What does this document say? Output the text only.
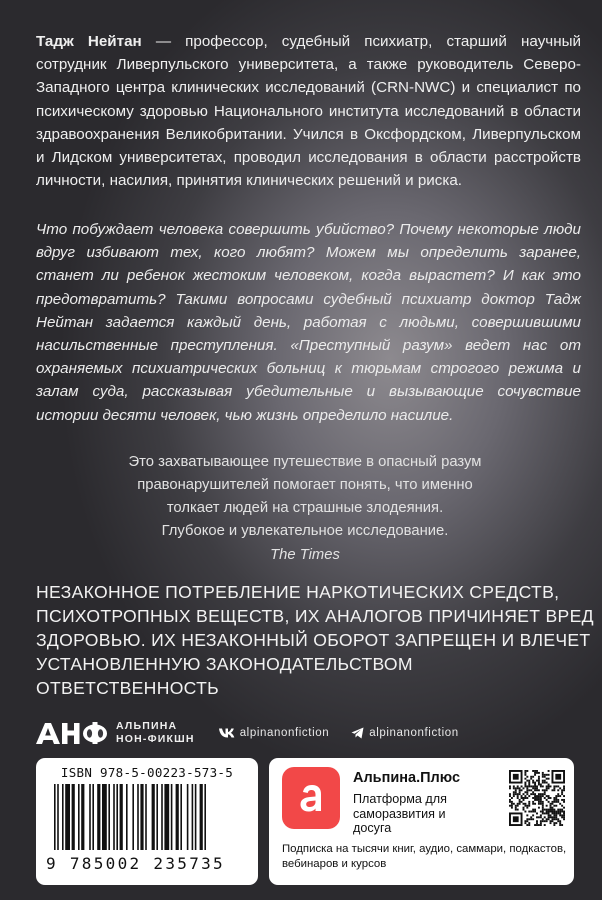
Тадж Нейтан — профессор, судебный психиатр, старший научный сотрудник Ливерпульского университета, а также руководитель Северо-Западного центра клинических исследований (CRN-NWC) и специалист по психическому здоровью Национального института исследований в области здравоохранения Великобритании. Учился в Оксфордском, Ливерпульском и Лидском университетах, проводил исследования в области расстройств личности, насилия, принятия клинических решений и риска.
Что побуждает человека совершить убийство? Почему некоторые люди вдруг избивают тех, кого любят? Можем мы определить заранее, станет ли ребенок жестоким человеком, когда вырастет? И как это предотвратить? Такими вопросами судебный психиатр доктор Тадж Нейтан задается каждый день, работая с людьми, совершившими насильственные преступления. «Преступный разум» ведет нас от охраняемых психиатрических больниц к тюрьмам строгого режима и залам суда, рассказывая убедительные и вызывающие сочувствие истории десяти человек, чью жизнь определило насилие.
Это захватывающее путешествие в опасный разум
правонарушителей помогает понять, что именно
толкает людей на страшные злодеяния.
Глубокое и увлекательное исследование.
The Times
НЕЗАКОННОЕ ПОТРЕБЛЕНИЕ НАРКОТИЧЕСКИХ СРЕДСТВ, ПСИХОТРОПНЫХ ВЕЩЕСТВ, ИХ АНАЛОГОВ ПРИЧИНЯЕТ ВРЕД ЗДОРОВЬЮ. ИХ НЕЗАКОННЫЙ ОБОРОТ ЗАПРЕЩЕН И ВЛЕЧЕТ УСТАНОВЛЕННУЮ ЗАКОНОДАТЕЛЬСТВОМ ОТВЕТСТВЕННОСТЬ
АЛЬПИНА
НОН-ФИКШН	alpinanonfiction	alpinanonfiction
ISBN 978-5-00223-573-5
9 785002 235735
Альпина.Плюс
Платформа для саморазвития и досуга
Подписка на тысячи книг, аудио, саммари, подкастов, вебинаров и курсов
